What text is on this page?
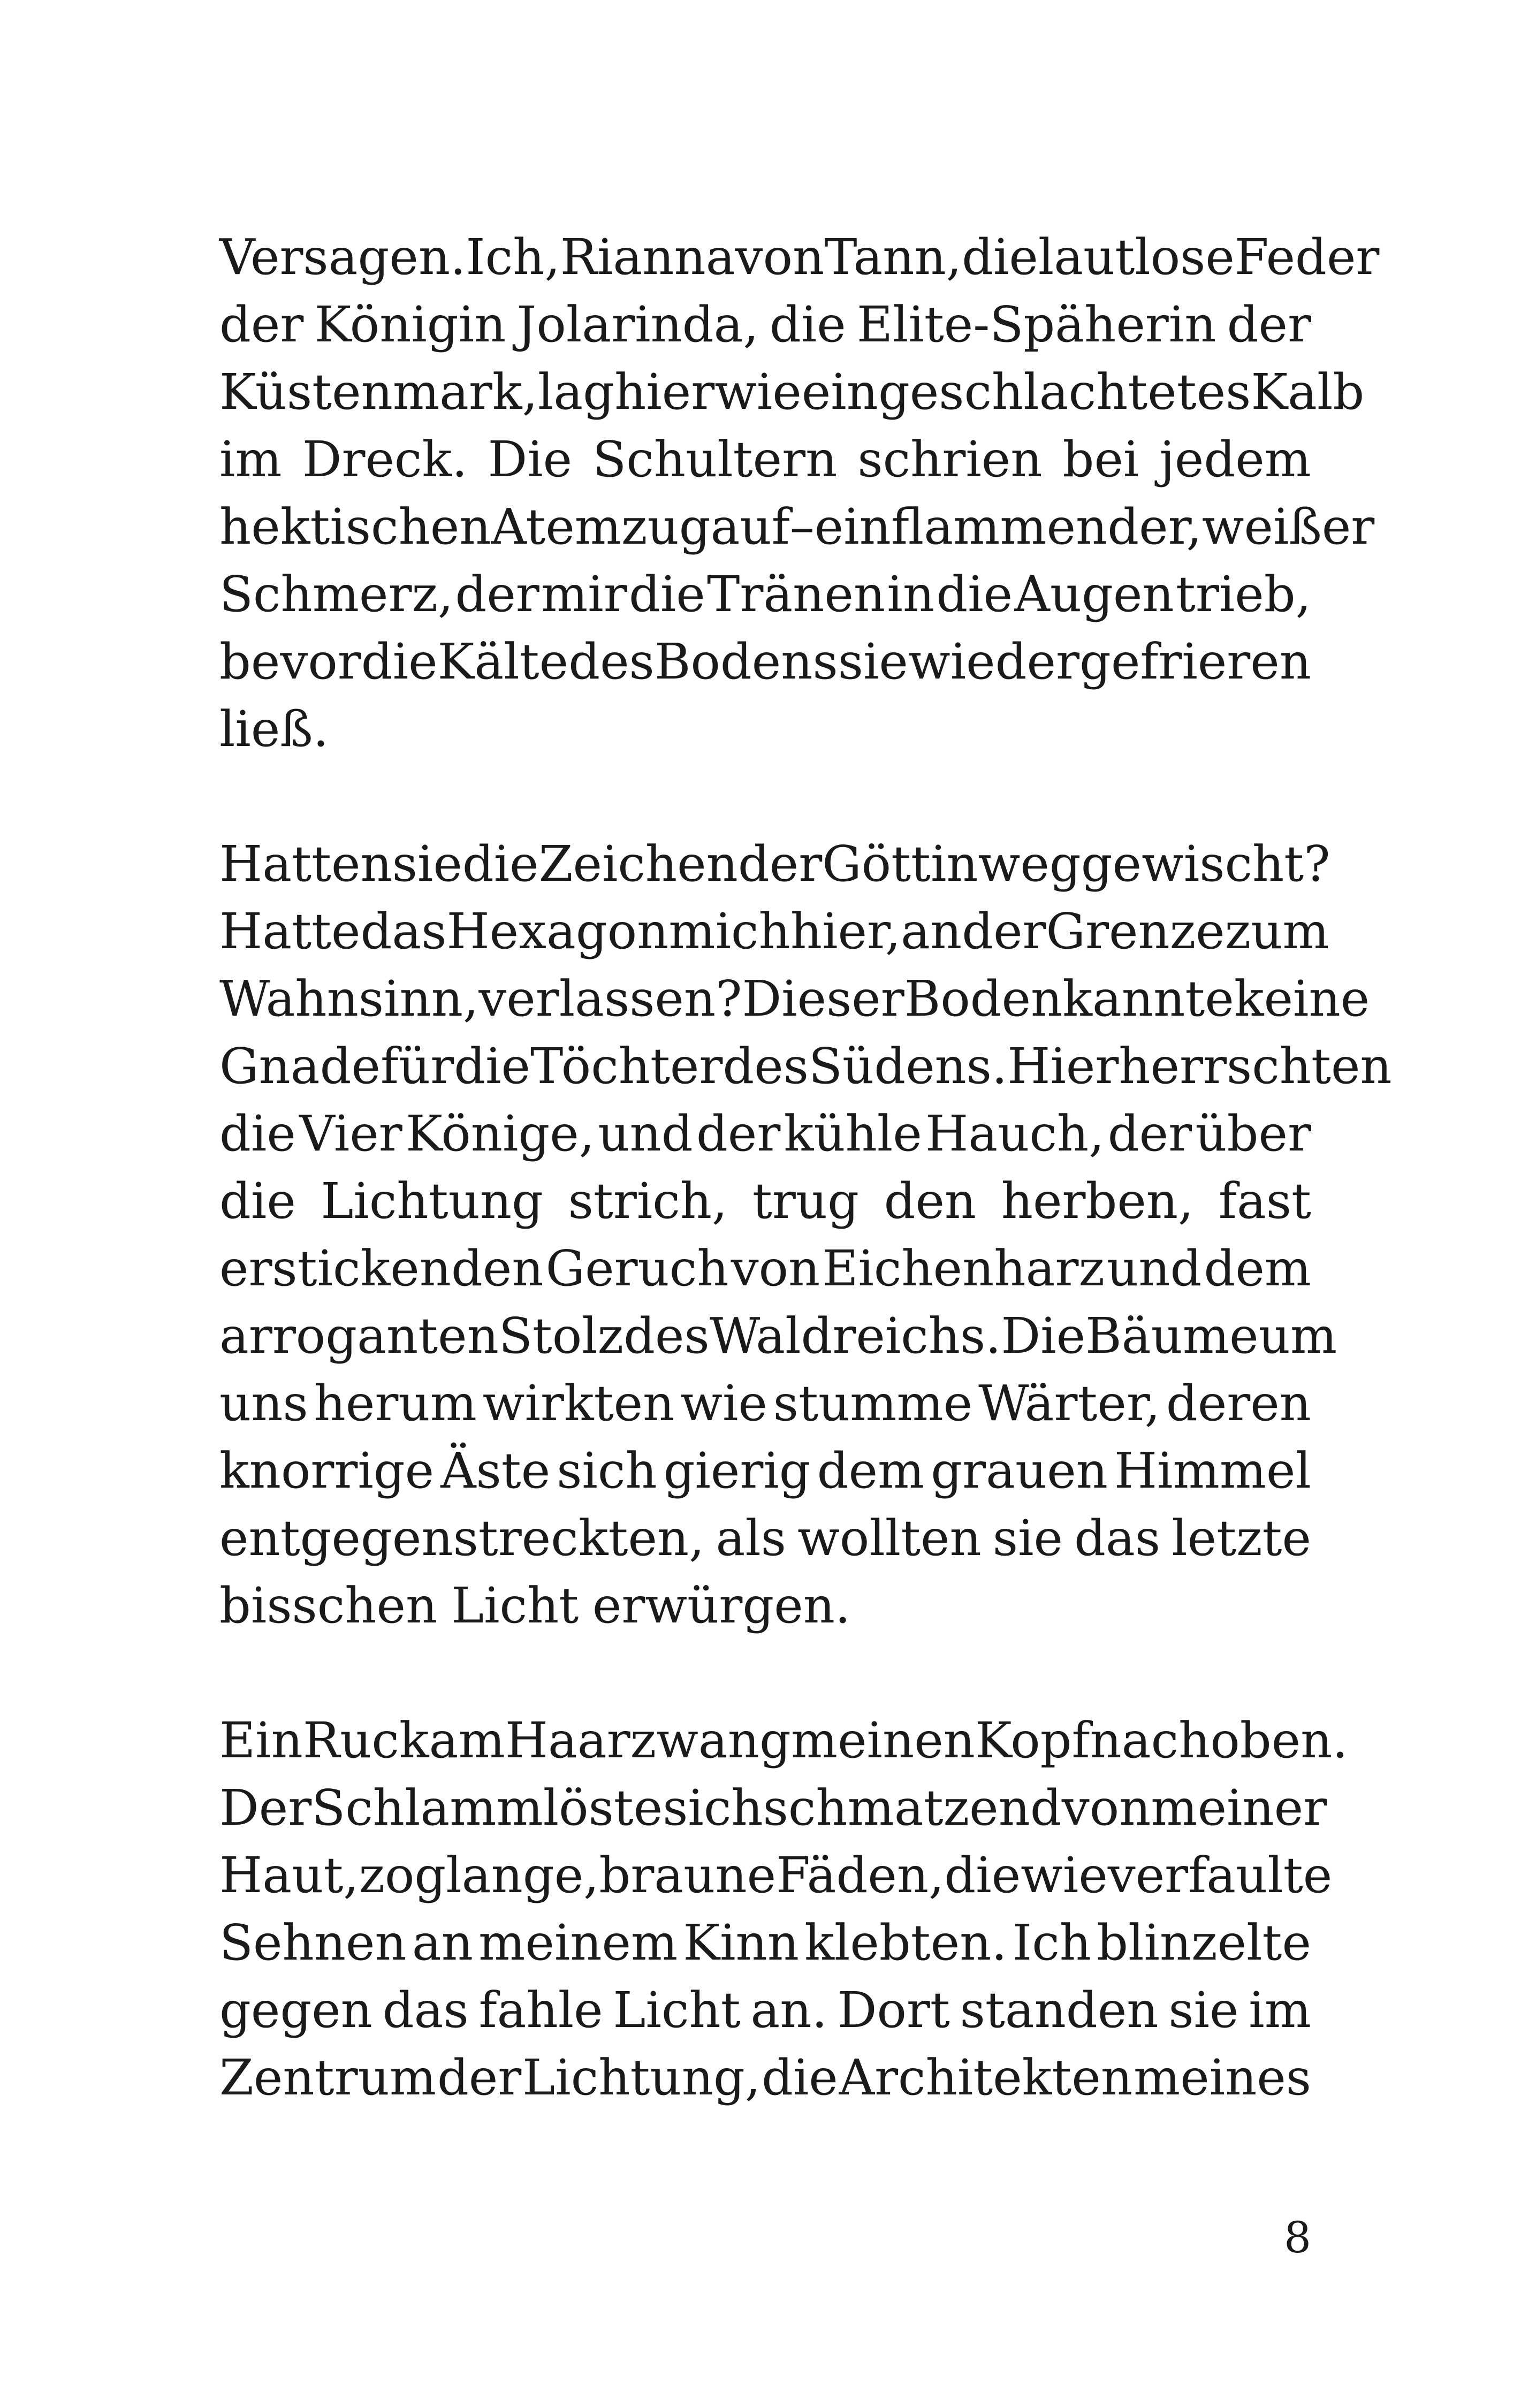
Versagen. Ich, Rianna von Tann, die lautlose Feder
der Königin Jolarinda, die Elite-Späherin der
Küstenmark, lag hier wie ein geschlachtetes Kalb
im Dreck. Die Schultern schrien bei jedem
hektischen Atemzug auf – ein flammender, weißer
Schmerz, der mir die Tränen in die Augen trieb,
bevor die Kälte des Bodens sie wieder gefrieren
ließ.
Hatten sie die Zeichen der Göttin weggewischt?
Hatte das Hexagon mich hier, an der Grenze zum
Wahnsinn, verlassen? Dieser Boden kannte keine
Gnade für die Töchter des Südens. Hier herrschten
die Vier Könige, und der kühle Hauch, der über
die Lichtung strich, trug den herben, fast
erstickenden Geruch von Eichenharz und dem
arroganten Stolz des Waldreichs. Die Bäume um
uns herum wirkten wie stumme Wärter, deren
knorrige Äste sich gierig dem grauen Himmel
entgegenstreckten, als wollten sie das letzte
bisschen Licht erwürgen.
Ein Ruck am Haar zwang meinen Kopf nach oben.
Der Schlamm löste sich schmatzend von meiner
Haut, zog lange, braune Fäden, die wie verfaulte
Sehnen an meinem Kinn klebten. Ich blinzelte
gegen das fahle Licht an. Dort standen sie im
Zentrum der Lichtung, die Architekten meines
8
